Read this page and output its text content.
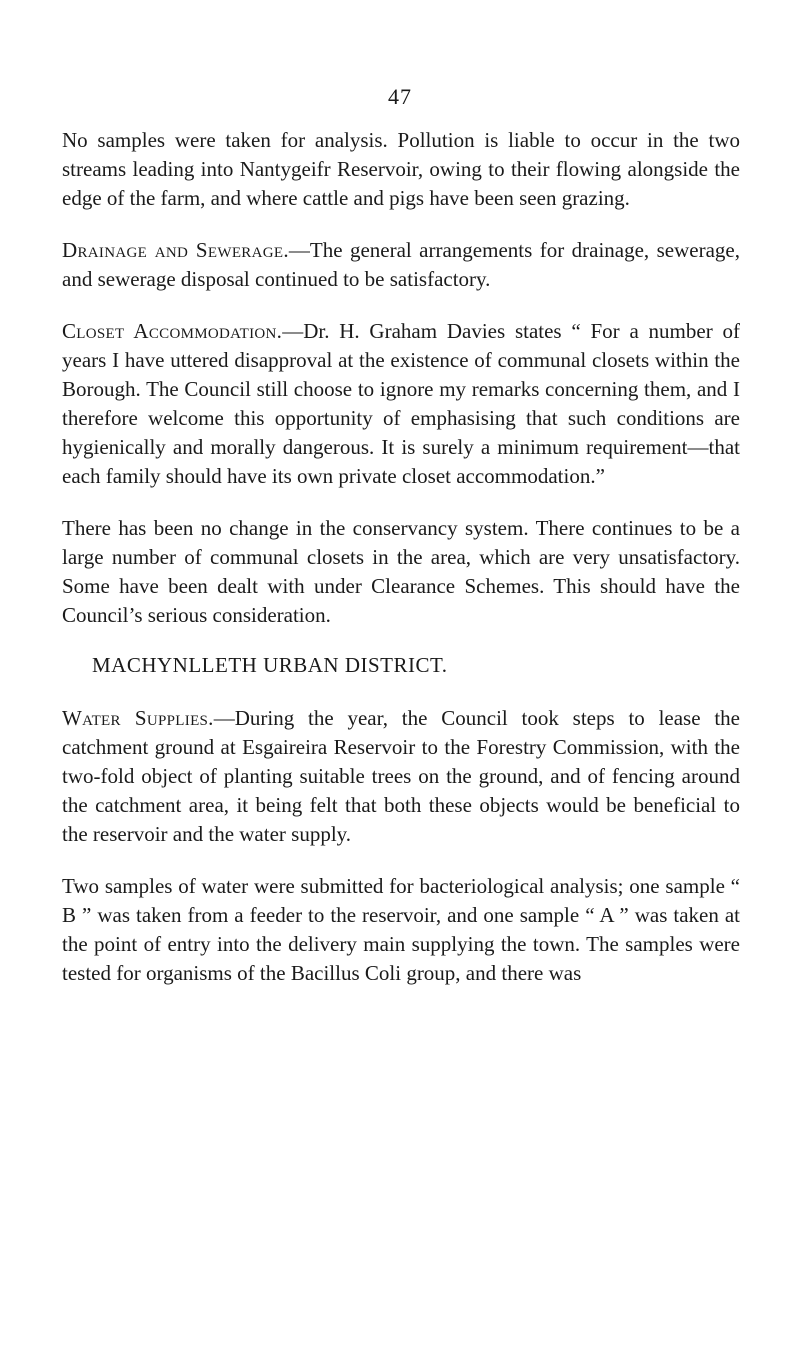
47

No samples were taken for analysis. Pollution is liable to occur in the two streams leading into Nantygeifr Reservoir, owing to their flowing alongside the edge of the farm, and where cattle and pigs have been seen grazing.

Drainage and Sewerage.—The general arrangements for drainage, sewerage, and sewerage disposal continued to be satisfactory.

Closet Accommodation.—Dr. H. Graham Davies states “ For a number of years I have uttered disapproval at the existence of communal closets within the Borough. The Council still choose to ignore my remarks concerning them, and I therefore welcome this opportunity of emphasising that such conditions are hygienically and morally dangerous. It is surely a minimum requirement—that each family should have its own private closet accommodation.”

There has been no change in the conservancy system. There continues to be a large number of communal closets in the area, which are very unsatisfactory. Some have been dealt with under Clearance Schemes. This should have the Council’s serious consideration.

MACHYNLLETH URBAN DISTRICT.

Water Supplies.—During the year, the Council took steps to lease the catchment ground at Esgaireira Reservoir to the Forestry Commission, with the two-fold object of planting suitable trees on the ground, and of fencing around the catchment area, it being felt that both these objects would be beneficial to the reservoir and the water supply.

Two samples of water were submitted for bacteriological analysis; one sample “ B ” was taken from a feeder to the reservoir, and one sample “ A ” was taken at the point of entry into the delivery main supplying the town. The samples were tested for organisms of the Bacillus Coli group, and there was
